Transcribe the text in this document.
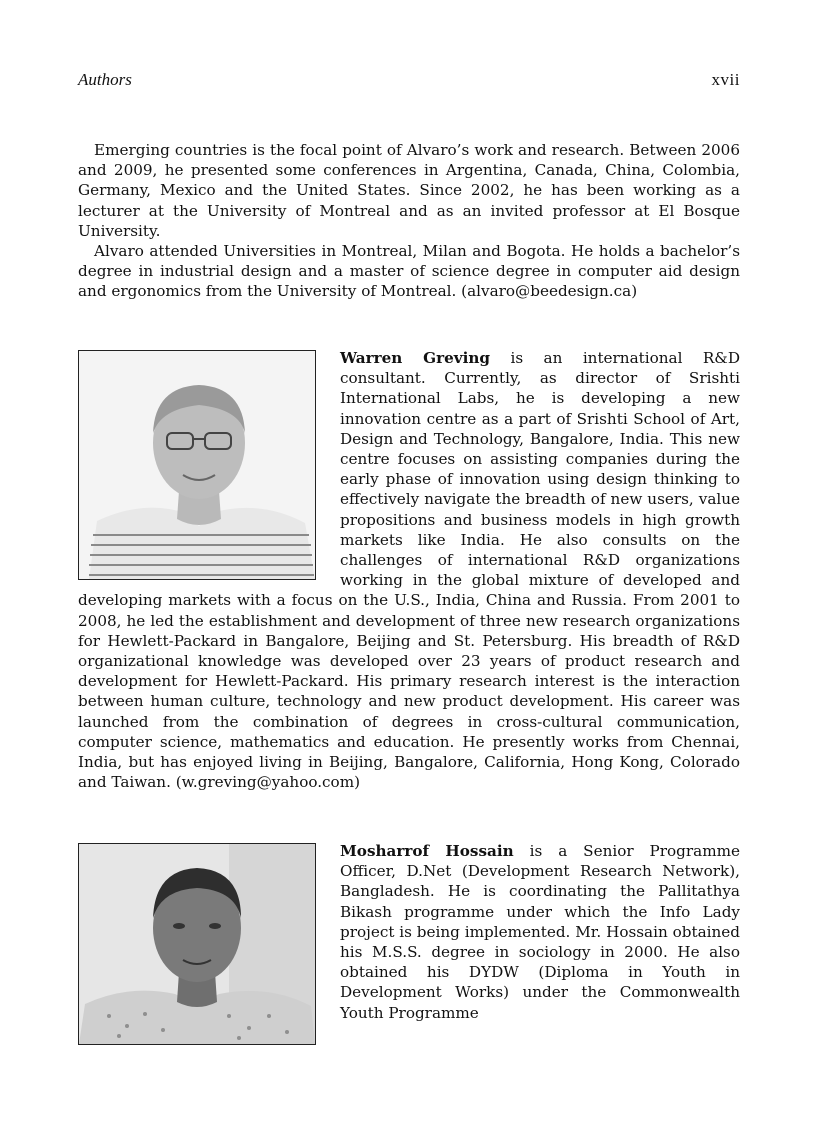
Authors	xvii

Emerging countries is the focal point of Alvaro’s work and research. Between 2006 and 2009, he presented some conferences in Argentina, Canada, China, Colombia, Germany, Mexico and the United States. Since 2002, he has been working as a lecturer at the University of Montreal and as an invited professor at El Bosque University.

Alvaro attended Universities in Montreal, Milan and Bogota. He holds a bachelor’s degree in industrial design and a master of science degree in computer aid design and ergonomics from the University of Montreal. (alvaro@beedesign.ca)

Warren Greving is an international R&D consultant. Currently, as director of Srishti International Labs, he is developing a new innovation centre as a part of Srishti School of Art, Design and Technology, Bangalore, India. This new centre focuses on assisting companies during the early phase of innovation using design thinking to effectively navigate the breadth of new users, value propositions and business models in high growth markets like India. He also consults on the challenges of international R&D organizations working in the global mixture of developed and developing markets with a focus on the U.S., India, China and Russia. From 2001 to 2008, he led the establishment and development of three new research organizations for Hewlett-Packard in Bangalore, Beijing and St. Petersburg. His breadth of R&D organizational knowledge was developed over 23 years of product research and development for Hewlett-Packard. His primary research interest is the interaction between human culture, technology and new product development. His career was launched from the combination of degrees in cross-cultural communication, computer science, mathematics and education. He presently works from Chennai, India, but has enjoyed living in Beijing, Bangalore, California, Hong Kong, Colorado and Taiwan. (w.greving@yahoo.com)

Mosharrof Hossain is a Senior Programme Officer, D.Net (Development Research Network), Bangladesh. He is coordinating the Pallitathya Bikash programme under which the Info Lady project is being implemented. Mr. Hossain obtained his M.S.S. degree in sociology in 2000. He also obtained his DYDW (Diploma in Youth in Development Works) under the Commonwealth Youth Programme
